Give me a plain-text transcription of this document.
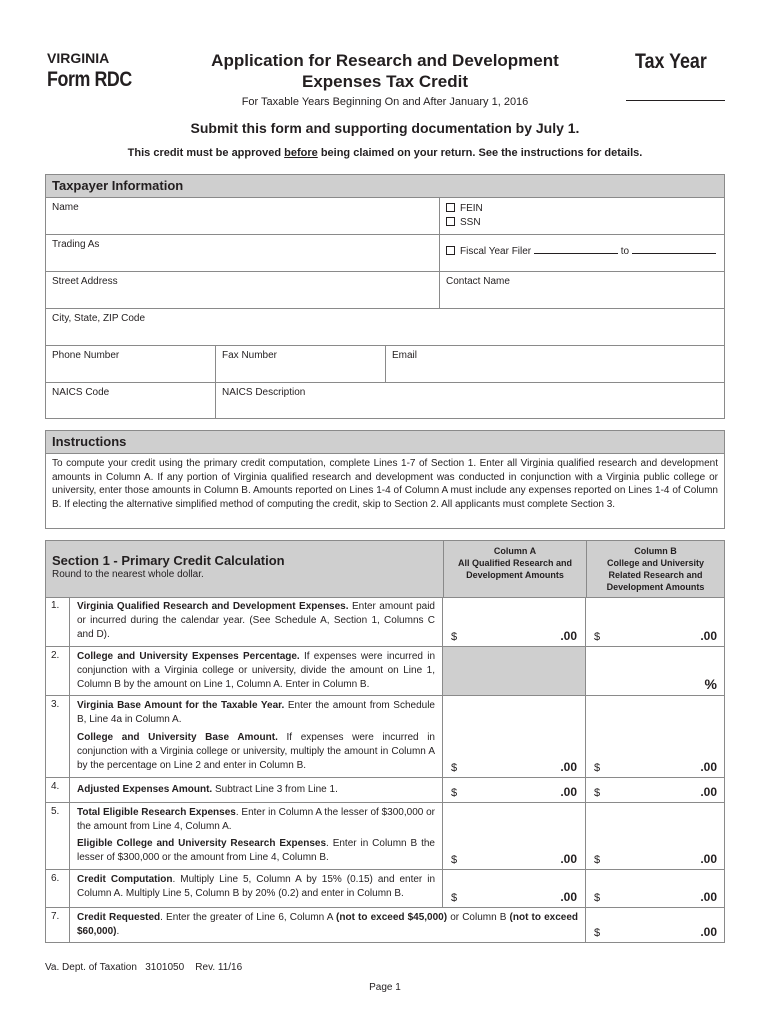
VIRGINIA
Form RDC
Application for Research and Development
Expenses Tax Credit
Tax Year
For Taxable Years Beginning On and After January 1, 2016
Submit this form and supporting documentation by July 1.
This credit must be approved before being claimed on your return. See the instructions for details.
Taxpayer Information
Name	FEIN
SSN
Trading As
Fiscal Year Filer	to
Street Address	Contact Name
City, State, ZIP Code
Phone Number	Fax Number	Email
NAICS Code	NAICS Description
Instructions
To compute your credit using the primary credit computation, complete Lines 1-7 of Section 1. Enter all Virginia qualified research and development amounts in Column A. If any portion of Virginia qualified research and development was conducted in conjunction with a Virginia public college or university, enter those amounts in Column B. Amounts reported on Lines 1-4 of Column A must include any expenses reported on Lines 1-4 of Column B. If electing the alternative simplified method of computing the credit, skip to Section 2. All applicants must complete Section 3.
Section 1 - Primary Credit Calculation
Round to the nearest whole dollar.
Column A
All Qualified Research and
Development Amounts
Column B
College and University
Related Research and
Development Amounts
1.	Virginia Qualified Research and Development Expenses. Enter amount paid or incurred during the calendar year. (See Schedule A, Section 1, Columns C and D).	$	.00 $	.00
2.	College and University Expenses Percentage. If expenses were incurred in conjunction with a Virginia college or university, divide the amount on Line 1, Column B by the amount on Line 1, Column A. Enter in Column B.	%
3.	Virginia Base Amount for the Taxable Year. Enter the amount from Schedule B, Line 4a in Column A.
College and University Base Amount. If expenses were incurred in conjunction with a Virginia college or university, multiply the amount in Column A by the percentage on Line 2 and enter in Column B.	$	.00 $	.00
4.	Adjusted Expenses Amount. Subtract Line 3 from Line 1.	$	.00 $	.00
5.	Total Eligible Research Expenses. Enter in Column A the lesser of $300,000 or the amount from Line 4, Column A.
Eligible College and University Research Expenses. Enter in Column B the lesser of $300,000 or the amount from Line 4, Column B.	$	.00 $	.00
6.	Credit Computation. Multiply Line 5, Column A by 15% (0.15) and enter in Column A. Multiply Line 5, Column B by 20% (0.2) and enter in Column B.	$	.00 $	.00
7.	Credit Requested. Enter the greater of Line 6, Column A (not to exceed $45,000) or Column B (not to exceed $60,000).	$	.00
Va. Dept. of Taxation   3101050    Rev. 11/16
Page 1
